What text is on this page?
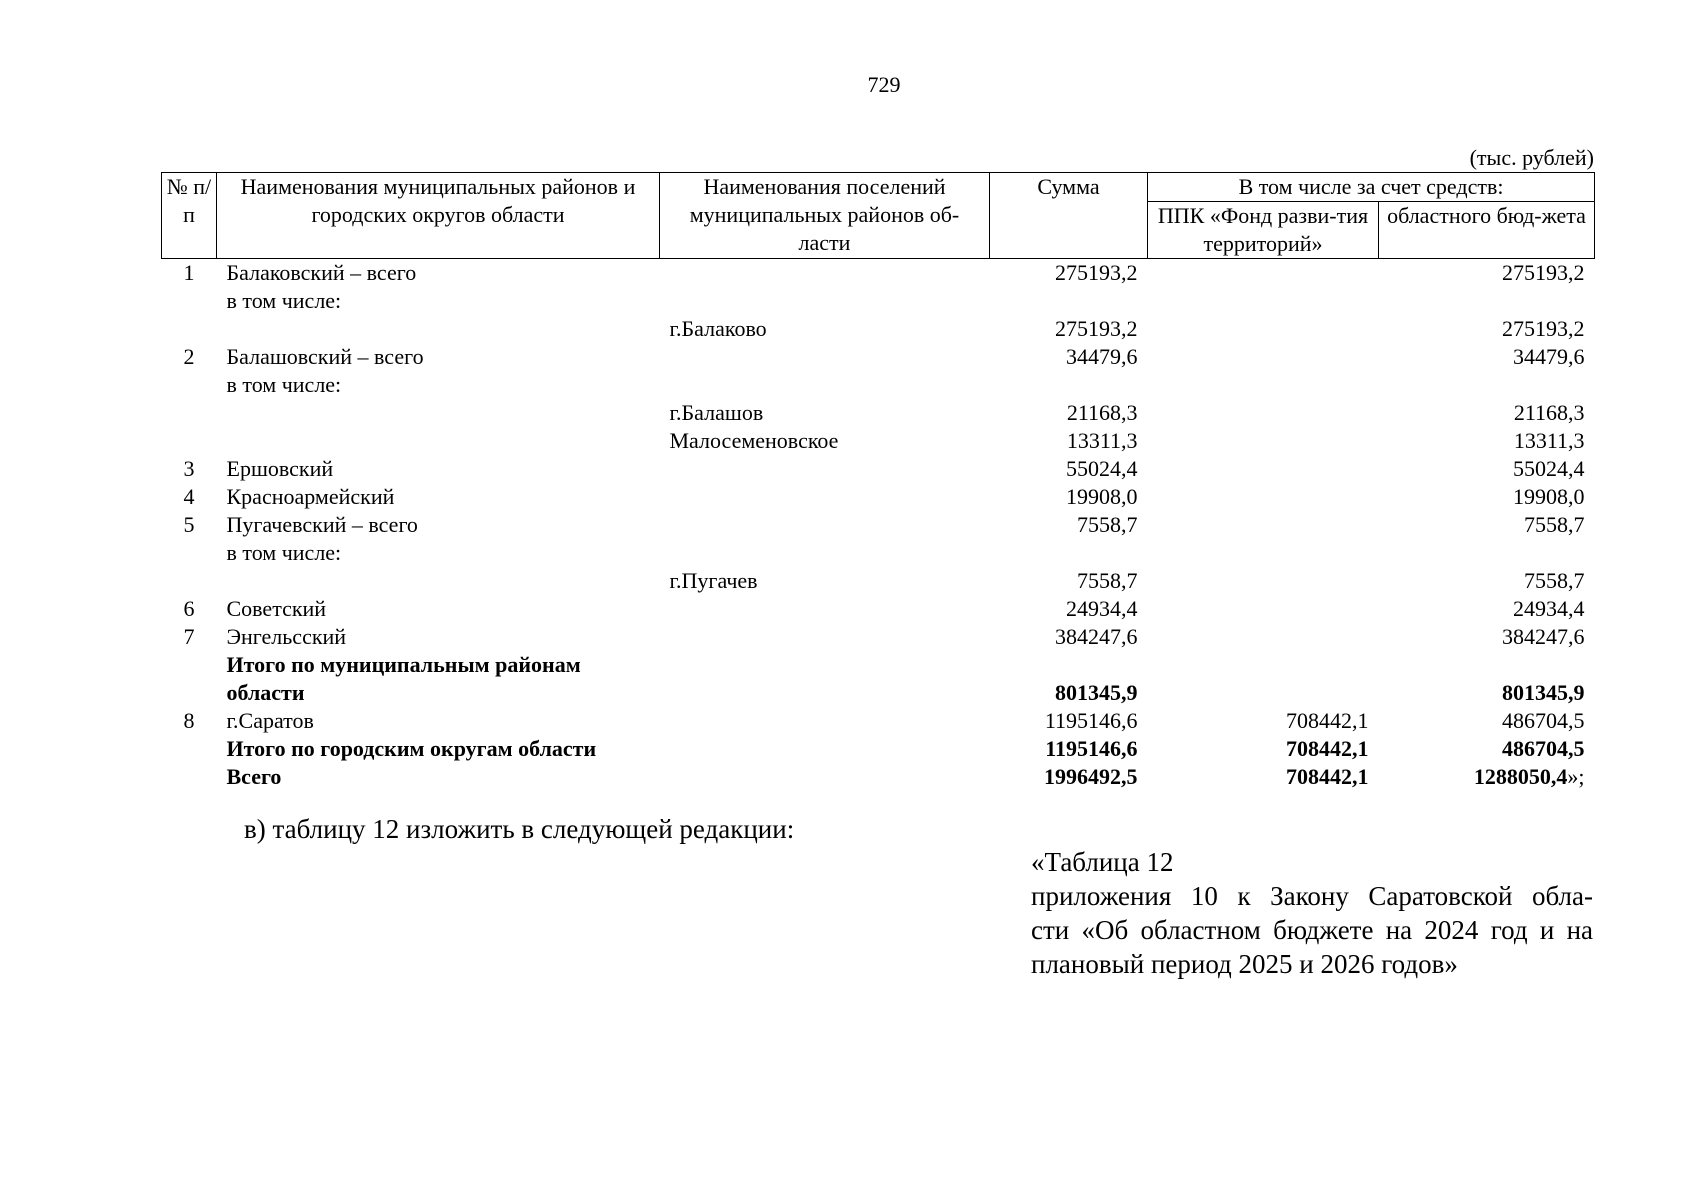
729
(тыс. рублей)
№ п/п	Наименования муниципальных районов и городских округов области	Наименования поселений муниципальных районов об-ласти	Сумма	В том числе за счет средств:	
				ППК «Фонд разви-тия территорий»	областного бюд-жета
1	Балаковский – всего		275193,2		275193,2
	в том числе:				
		г.Балаково	275193,2		275193,2
2	Балашовский – всего		34479,6		34479,6
	в том числе:				
		г.Балашов	21168,3		21168,3
		Малосеменовское	13311,3		13311,3
3	Ершовский		55024,4		55024,4
4	Красноармейский		19908,0		19908,0
5	Пугачевский – всего		7558,7		7558,7
	в том числе:				
		г.Пугачев	7558,7		7558,7
6	Советский		24934,4		24934,4
7	Энгельсский		384247,6		384247,6
	Итого по муниципальным районам				
	области		801345,9		801345,9
8	г.Саратов		1195146,6	708442,1	486704,5
	Итого по городским округам области		1195146,6	708442,1	486704,5
	Всего		1996492,5	708442,1	1288050,4»;
в) таблицу 12 изложить в следующей редакции:
«Таблица 12
приложения 10 к Закону Саратовской обла-
сти «Об областном бюджете на 2024 год и на
плановый период 2025 и 2026 годов»
